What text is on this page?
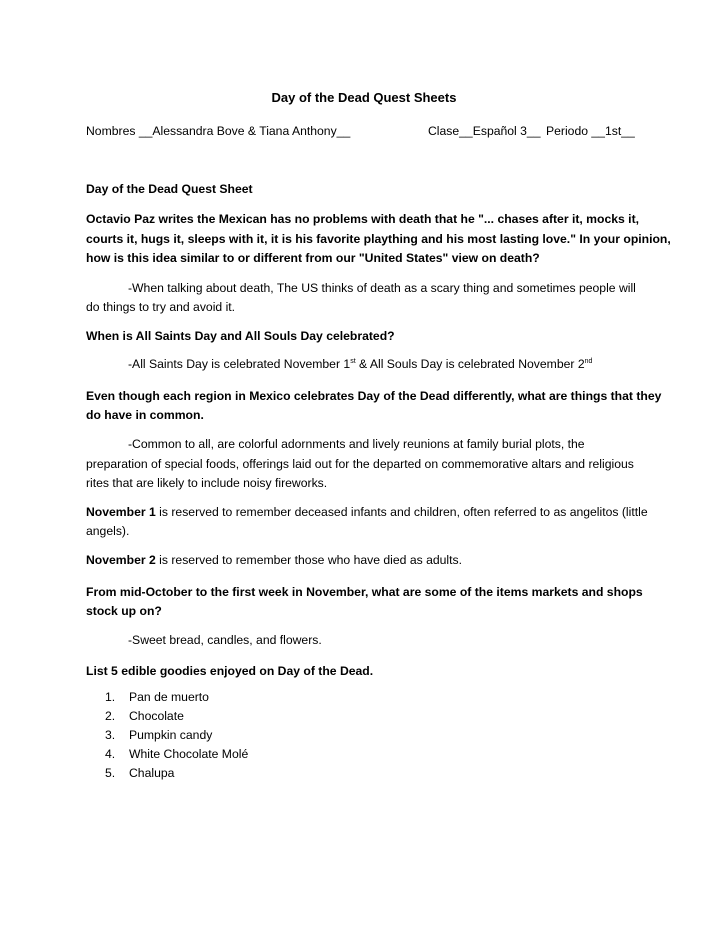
Day of the Dead Quest Sheets
Nombres __Alessandra Bove & Tiana Anthony__	Clase__Español 3__ Periodo __1st__
Day of the Dead Quest Sheet
Octavio Paz writes the Mexican has no problems with death that he "... chases after it, mocks it,
courts it, hugs it, sleeps with it, it is his favorite plaything and his most lasting love." In your opinion,
how is this idea similar to or different from our "United States" view on death?
-When talking about death, The US thinks of death as a scary thing and sometimes people will
do things to try and avoid it.
When is All Saints Day and All Souls Day celebrated?
-All Saints Day is celebrated November 1st & All Souls Day is celebrated November 2nd
Even though each region in Mexico celebrates Day of the Dead differently, what are things that they
do have in common.
-Common to all, are colorful adornments and lively reunions at family burial plots, the
preparation of special foods, offerings laid out for the departed on commemorative altars and religious
rites that are likely to include noisy fireworks.
November 1 is reserved to remember deceased infants and children, often referred to as angelitos (little
angels).
November 2 is reserved to remember those who have died as adults.
From mid-October to the first week in November, what are some of the items markets and shops
stock up on?
-Sweet bread, candles, and flowers.
List 5 edible goodies enjoyed on Day of the Dead.
1. Pan de muerto
2. Chocolate
3. Pumpkin candy
4. White Chocolate Molé
5. Chalupa
